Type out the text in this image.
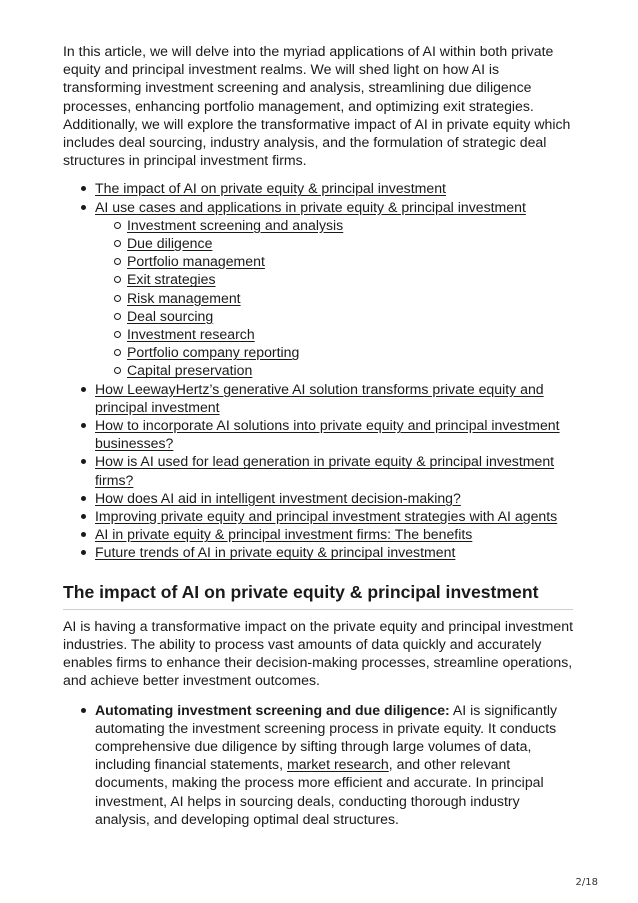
In this article, we will delve into the myriad applications of AI within both private equity and principal investment realms. We will shed light on how AI is transforming investment screening and analysis, streamlining due diligence processes, enhancing portfolio management, and optimizing exit strategies. Additionally, we will explore the transformative impact of AI in private equity which includes deal sourcing, industry analysis, and the formulation of strategic deal structures in principal investment firms.

The impact of AI on private equity & principal investment
AI use cases and applications in private equity & principal investment
Investment screening and analysis
Due diligence
Portfolio management
Exit strategies
Risk management
Deal sourcing
Investment research
Portfolio company reporting
Capital preservation
How LeewayHertz’s generative AI solution transforms private equity and principal investment
How to incorporate AI solutions into private equity and principal investment businesses?
How is AI used for lead generation in private equity & principal investment firms?
How does AI aid in intelligent investment decision-making?
Improving private equity and principal investment strategies with AI agents
AI in private equity & principal investment firms: The benefits
Future trends of AI in private equity & principal investment
The impact of AI on private equity & principal investment

AI is having a transformative impact on the private equity and principal investment industries. The ability to process vast amounts of data quickly and accurately enables firms to enhance their decision-making processes, streamline operations, and achieve better investment outcomes.

Automating investment screening and due diligence: AI is significantly automating the investment screening process in private equity. It conducts comprehensive due diligence by sifting through large volumes of data, including financial statements, market research, and other relevant documents, making the process more efficient and accurate. In principal investment, AI helps in sourcing deals, conducting thorough industry analysis, and developing optimal deal structures.
2/18
